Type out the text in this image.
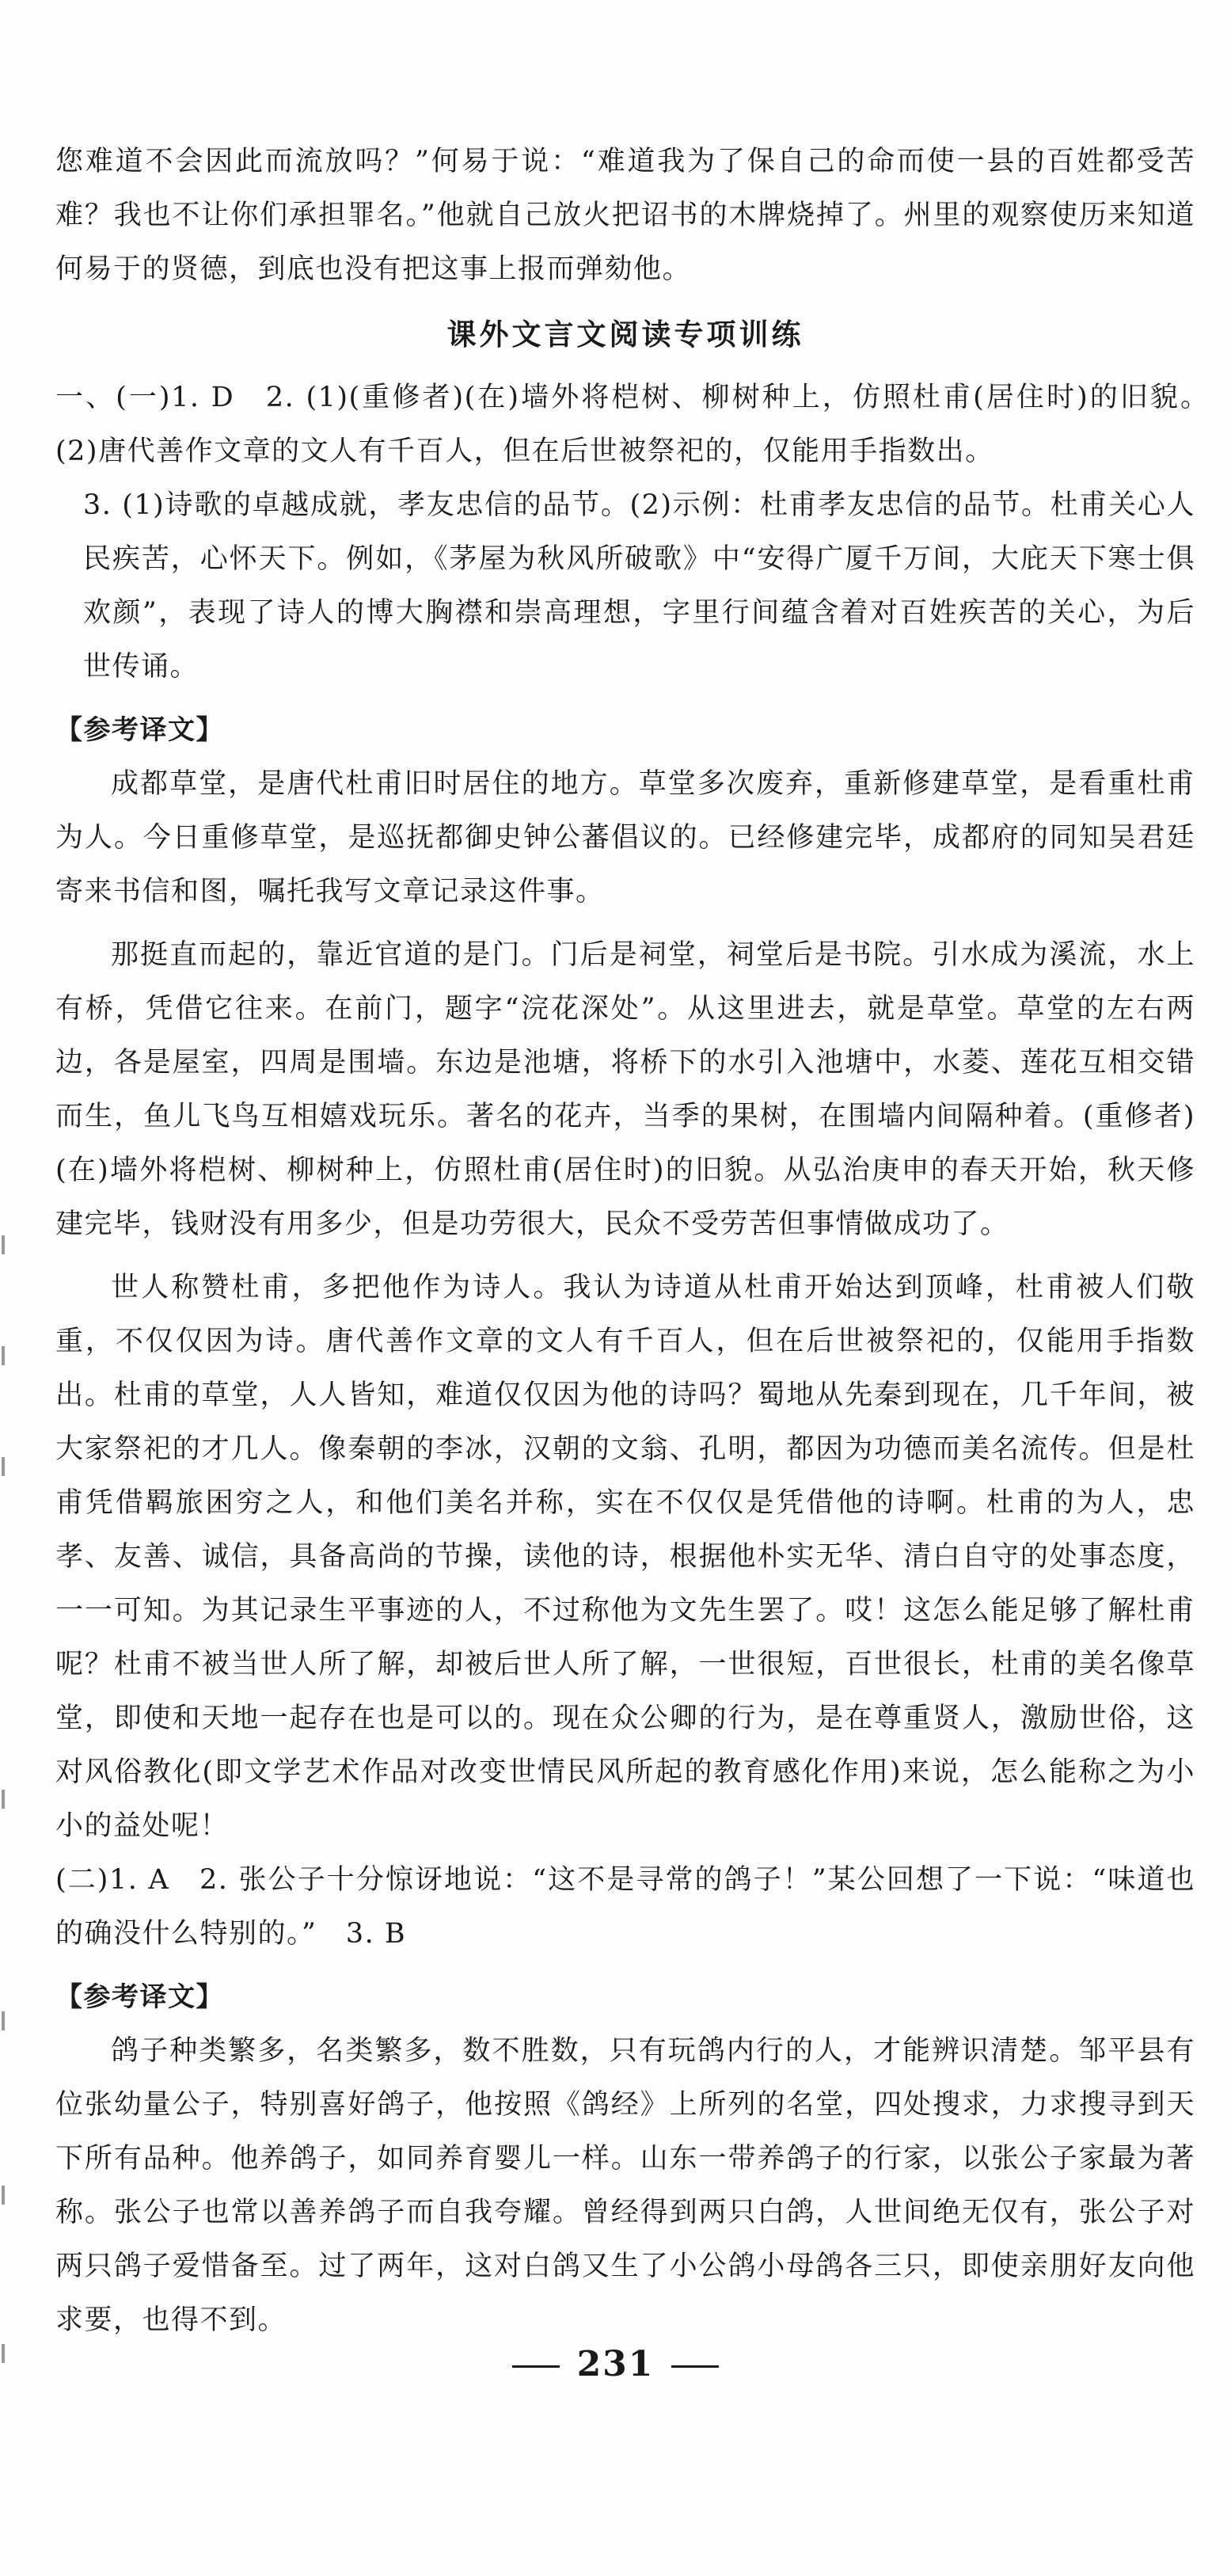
您难道不会因此而流放吗？”何易于说：“难道我为了保自己的命而使一县的百姓都受苦难？我也不让你们承担罪名。”他就自己放火把诏书的木牌烧掉了。州里的观察使历来知道何易于的贤德，到底也没有把这事上报而弹劾他。

课外文言文阅读专项训练

一、(一)1. D　2. (1)(重修者)(在)墙外将桤树、柳树种上，仿照杜甫(居住时)的旧貌。　(2)唐代善作文章的文人有千百人，但在后世被祭祀的，仅能用手指数出。

3. (1)诗歌的卓越成就，孝友忠信的品节。(2)示例：杜甫孝友忠信的品节。杜甫关心人民疾苦，心怀天下。例如，《茅屋为秋风所破歌》中“安得广厦千万间，大庇天下寒士俱欢颜”，表现了诗人的博大胸襟和崇高理想，字里行间蕴含着对百姓疾苦的关心，为后世传诵。

【参考译文】

成都草堂，是唐代杜甫旧时居住的地方。草堂多次废弃，重新修建草堂，是看重杜甫为人。今日重修草堂，是巡抚都御史钟公蕃倡议的。已经修建完毕，成都府的同知吴君廷寄来书信和图，嘱托我写文章记录这件事。

那挺直而起的，靠近官道的是门。门后是祠堂，祠堂后是书院。引水成为溪流，水上有桥，凭借它往来。在前门，题字“浣花深处”。从这里进去，就是草堂。草堂的左右两边，各是屋室，四周是围墙。东边是池塘，将桥下的水引入池塘中，水菱、莲花互相交错而生，鱼儿飞鸟互相嬉戏玩乐。著名的花卉，当季的果树，在围墙内间隔种着。(重修者)(在)墙外将桤树、柳树种上，仿照杜甫(居住时)的旧貌。从弘治庚申的春天开始，秋天修建完毕，钱财没有用多少，但是功劳很大，民众不受劳苦但事情做成功了。

世人称赞杜甫，多把他作为诗人。我认为诗道从杜甫开始达到顶峰，杜甫被人们敬重，不仅仅因为诗。唐代善作文章的文人有千百人，但在后世被祭祀的，仅能用手指数出。杜甫的草堂，人人皆知，难道仅仅因为他的诗吗？蜀地从先秦到现在，几千年间，被大家祭祀的才几人。像秦朝的李冰，汉朝的文翁、孔明，都因为功德而美名流传。但是杜甫凭借羁旅困穷之人，和他们美名并称，实在不仅仅是凭借他的诗啊。杜甫的为人，忠孝、友善、诚信，具备高尚的节操，读他的诗，根据他朴实无华、清白自守的处事态度，一一可知。为其记录生平事迹的人，不过称他为文先生罢了。哎！这怎么能足够了解杜甫呢？杜甫不被当世人所了解，却被后世人所了解，一世很短，百世很长，杜甫的美名像草堂，即使和天地一起存在也是可以的。现在众公卿的行为，是在尊重贤人，激励世俗，这对风俗教化(即文学艺术作品对改变世情民风所起的教育感化作用)来说，怎么能称之为小小的益处呢！

(二)1. A　2. 张公子十分惊讶地说：“这不是寻常的鸽子！”某公回想了一下说：“味道也的确没什么特别的。”　3. B

【参考译文】

鸽子种类繁多，名类繁多，数不胜数，只有玩鸽内行的人，才能辨识清楚。邹平县有位张幼量公子，特别喜好鸽子，他按照《鸽经》上所列的名堂，四处搜求，力求搜寻到天下所有品种。他养鸽子，如同养育婴儿一样。山东一带养鸽子的行家，以张公子家最为著称。张公子也常以善养鸽子而自我夸耀。曾经得到两只白鸽，人世间绝无仅有，张公子对两只鸽子爱惜备至。过了两年，这对白鸽又生了小公鸽小母鸽各三只，即使亲朋好友向他求要，也得不到。

231
